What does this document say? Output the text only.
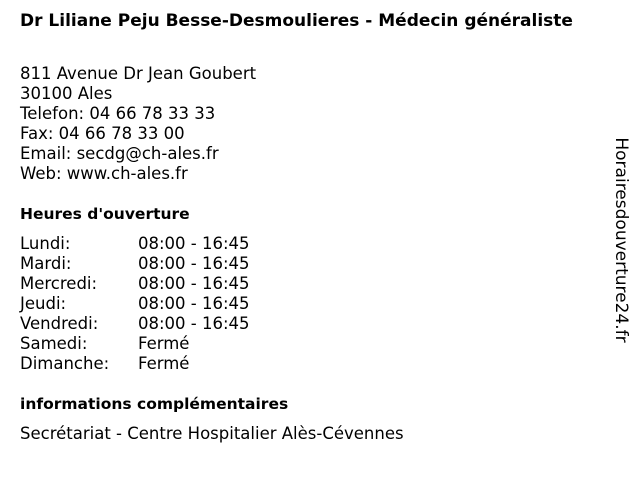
Dr Liliane Peju Besse-Desmoulieres - Médecin généraliste
811 Avenue Dr Jean Goubert
30100 Ales
Telefon: 04 66 78 33 33
Fax: 04 66 78 33 00
Email: secdg@ch-ales.fr
Web: www.ch-ales.fr
Heures d'ouverture
Lundi:	08:00 - 16:45
Mardi:	08:00 - 16:45
Mercredi:	08:00 - 16:45
Jeudi:	08:00 - 16:45
Vendredi:	08:00 - 16:45
Samedi:	Fermé
Dimanche:	Fermé
informations complémentaires
Secrétariat - Centre Hospitalier Alès-Cévennes
Horairesdouverture24.fr
